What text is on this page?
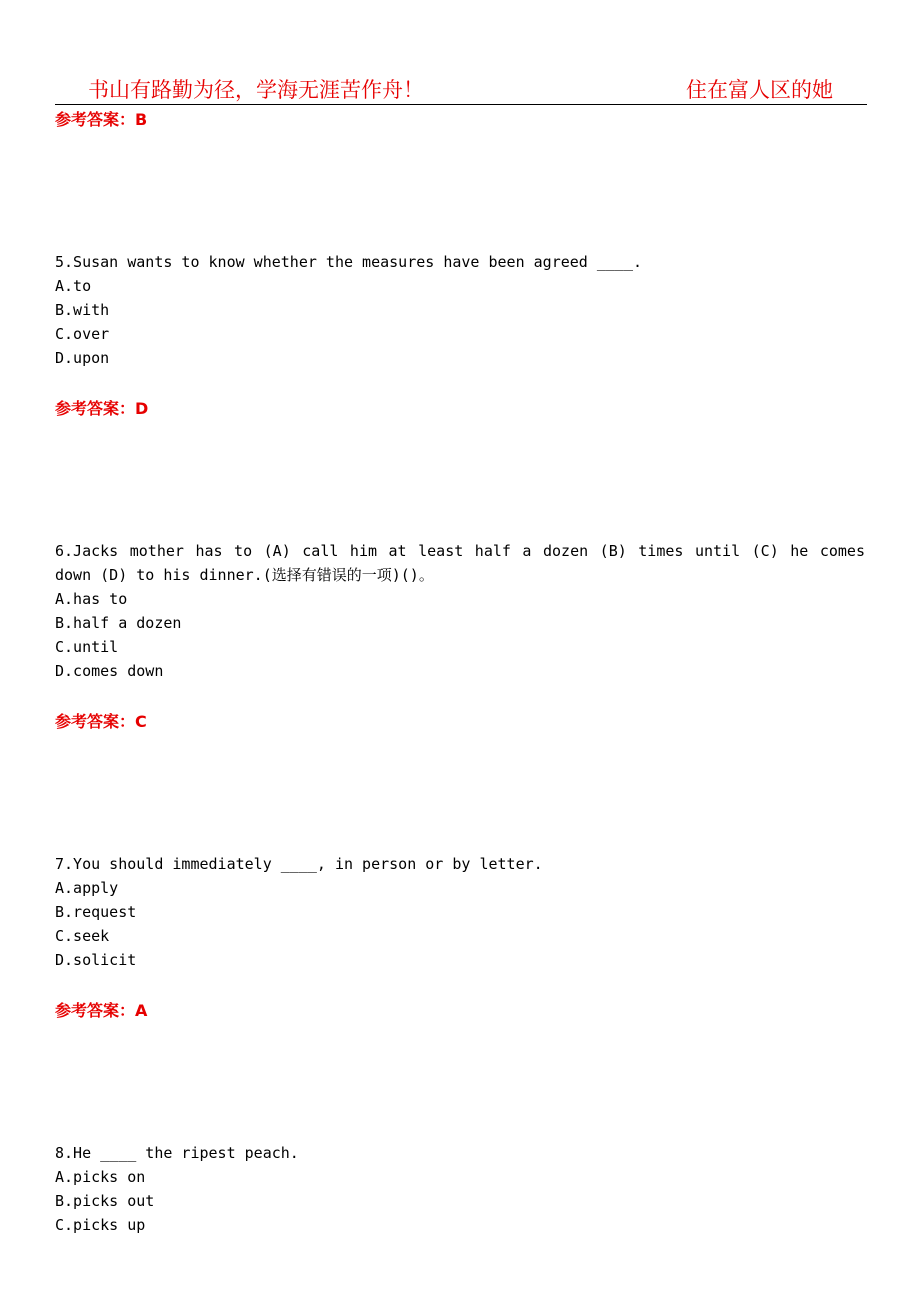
书山有路勤为径，学海无涯苦作舟！	住在富人区的她
参考答案：B
5.Susan wants to know whether the measures have been agreed ____.
A.to
B.with
C.over
D.upon
参考答案：D
6.Jacks mother has to (A) call him at least half a dozen (B) times until (C) he comes
down (D) to his dinner.(选择有错误的一项)()。
A.has to
B.half a dozen
C.until
D.comes down
参考答案：C
7.You should immediately ____, in person or by letter.
A.apply
B.request
C.seek
D.solicit
参考答案：A
8.He ____ the ripest peach.
A.picks on
B.picks out
C.picks up
